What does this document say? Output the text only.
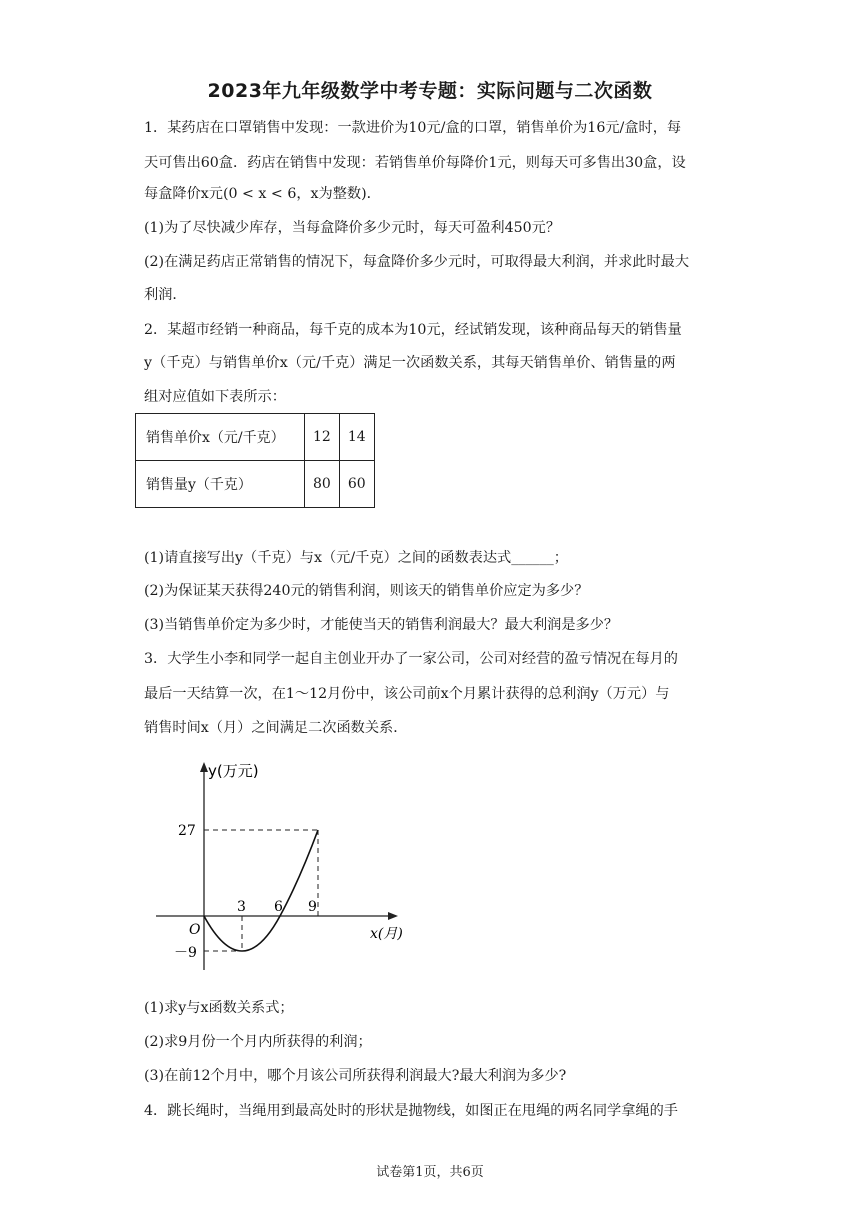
2023年九年级数学中考专题：实际问题与二次函数
1．某药店在口罩销售中发现：一款进价为10元/盒的口罩，销售单价为16元/盒时，每
天可售出60盒．药店在销售中发现：若销售单价每降价1元，则每天可多售出30盒，设
每盒降价x元(0 < x < 6，x为整数)．
(1)为了尽快减少库存，当每盒降价多少元时，每天可盈利450元？
(2)在满足药店正常销售的情况下，每盒降价多少元时，可取得最大利润，并求此时最大
利润．
2．某超市经销一种商品，每千克的成本为10元，经试销发现，该种商品每天的销售量
y（千克）与销售单价x（元/千克）满足一次函数关系，其每天销售单价、销售量的两
组对应值如下表所示：
销售单价x（元/千克）	12	14
销售量y（千克）	80	60
(1)请直接写出y（千克）与x（元/千克）之间的函数表达式______；
(2)为保证某天获得240元的销售利润，则该天的销售单价应定为多少？
(3)当销售单价定为多少时，才能使当天的销售利润最大？最大利润是多少？
3．大学生小李和同学一起自主创业开办了一家公司，公司对经营的盈亏情况在每月的
最后一天结算一次，在1～12月份中，该公司前x个月累计获得的总利润y（万元）与
销售时间x（月）之间满足二次函数关系．
y(万元)
x(月)
O
27
－9
3 6 9
(1)求y与x函数关系式；
(2)求9月份一个月内所获得的利润；
(3)在前12个月中，哪个月该公司所获得利润最大?最大利润为多少?
4．跳长绳时，当绳用到最高处时的形状是抛物线，如图正在甩绳的两名同学拿绳的手
试卷第1页，共6页
